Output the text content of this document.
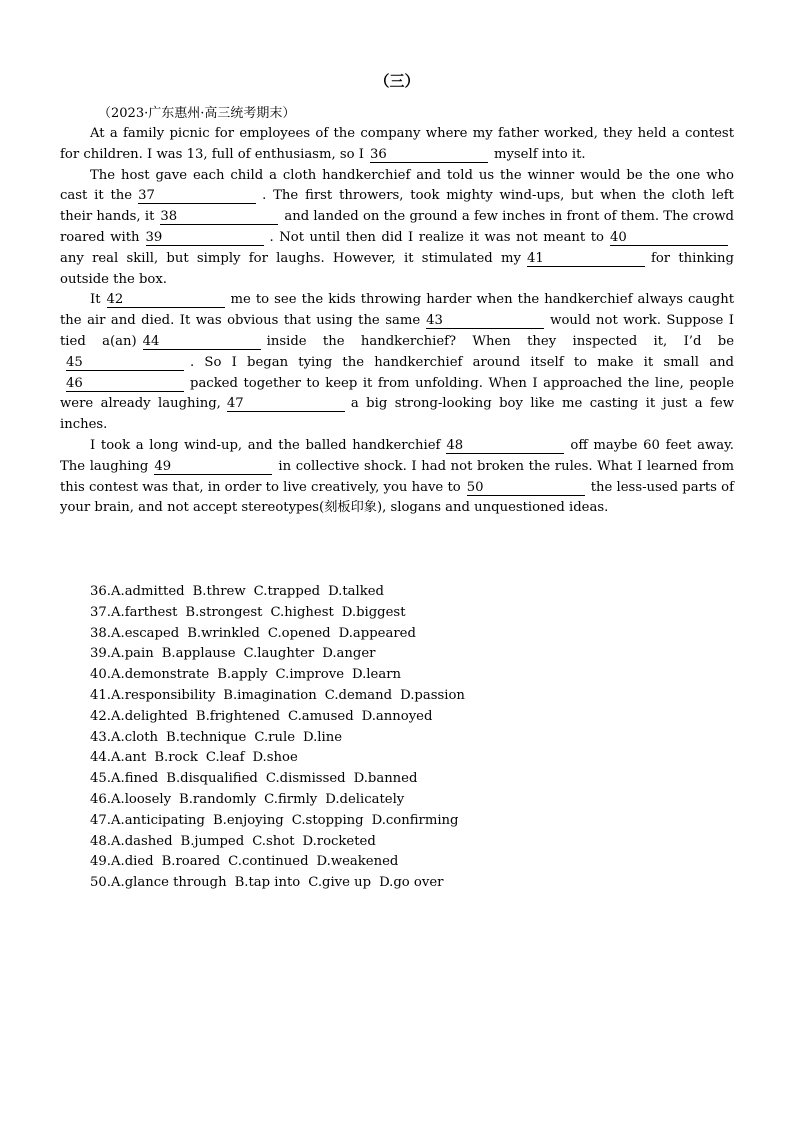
（三）
（2023·广东惠州·高三统考期末）

At a family picnic for employees of the company where my father worked, they held a contest for children. I was 13, full of enthusiasm, so I 36	myself into it.

The host gave each child a cloth handkerchief and told us the winner would be the one who cast it the 37	. The first throwers, took mighty wind-ups, but when the cloth left their hands, it 38	and landed on the ground a few inches in front of them. The crowd roared with 39	. Not until then did I realize it was not meant to 40any real skill, but simply for laughs. However, it stimulated my 41	for thinking outside the box.

It 42	me to see the kids throwing harder when the handkerchief always caught the air and died. It was obvious that using the same 43	would not work. Suppose I tied a(an) 44	inside the handkerchief? When they inspected it, I’d be45	. So I began tying the handkerchief around itself to make it small and46	packed together to keep it from unfolding. When I approached the line, people were already laughing, 47	a big strong-looking boy like me casting it just a few inches.

I took a long wind-up, and the balled handkerchief 48	off maybe 60 feet away. The laughing 49	in collective shock. I had not broken the rules. What I learned from this contest was that, in order to live creatively, you have to 50	the less-used parts of your brain, and not accept stereotypes(刻板印象), slogans and unquestioned ideas.

36.A.admitted B.threw C.trapped D.talked
37.A.farthest B.strongest C.highest D.biggest
38.A.escaped B.wrinkled C.opened D.appeared
39.A.pain B.applause C.laughter D.anger
40.A.demonstrate B.apply C.improve D.learn
41.A.responsibility B.imagination C.demand D.passion
42.A.delighted B.frightened C.amused D.annoyed
43.A.cloth B.technique C.rule D.line
44.A.ant B.rock C.leaf D.shoe
45.A.fined B.disqualified C.dismissed D.banned
46.A.loosely B.randomly C.firmly D.delicately
47.A.anticipating B.enjoying C.stopping D.confirming
48.A.dashed B.jumped C.shot D.rocketed
49.A.died B.roared C.continued D.weakened
50.A.glance through B.tap into C.give up D.go over
